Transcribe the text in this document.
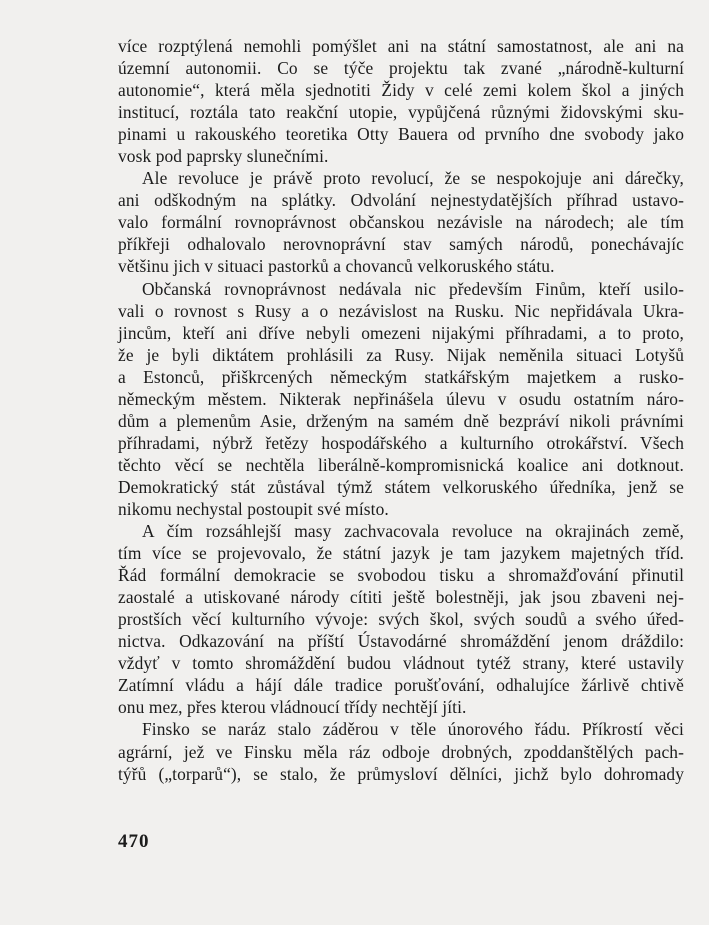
více rozptýlená nemohli pomýšlet ani na státní samostatnost, ale ani na
územní autonomii. Co se týče projektu tak zvané „národně-kulturní
autonomie“, která měla sjednotiti Židy v celé zemi kolem škol a jiných
institucí, roztála tato reakční utopie, vypůjčená různými židovskými sku-
pinami u rakouského teoretika Otty Bauera od prvního dne svobody jako
vosk pod paprsky slunečními.
Ale revoluce je právě proto revolucí, že se nespokojuje ani dárečky,
ani odškodným na splátky. Odvolání nejnestydatějších příhrad ustavo-
valo formální rovnoprávnost občanskou nezávisle na národech; ale tím
příkřeji odhalovalo nerovnoprávní stav samých národů, ponechávajíc
většinu jich v situaci pastorků a chovanců velkoruského státu.
Občanská rovnoprávnost nedávala nic především Finům, kteří usilo-
vali o rovnost s Rusy a o nezávislost na Rusku. Nic nepřidávala Ukra-
jincům, kteří ani dříve nebyli omezeni nijakými příhradami, a to proto,
že je byli diktátem prohlásili za Rusy. Nijak neměnila situaci Lotyšů
a Estonců, přiškrcených německým statkářským majetkem a rusko-
německým městem. Nikterak nepřinášela úlevu v osudu ostatním náro-
dům a plemenům Asie, drženým na samém dně bezpráví nikoli právními
příhradami, nýbrž řetězy hospodářského a kulturního otrokářství. Všech
těchto věcí se nechtěla liberálně-kompromisnická koalice ani dotknout.
Demokratický stát zůstával týmž státem velkoruského úředníka, jenž se
nikomu nechystal postoupit své místo.
A čím rozsáhlejší masy zachvacovala revoluce na okrajinách země,
tím více se projevovalo, že státní jazyk je tam jazykem majetných tříd.
Řád formální demokracie se svobodou tisku a shromažďování přinutil
zaostalé a utiskované národy cítiti ještě bolestněji, jak jsou zbaveni nej-
prostších věcí kulturního vývoje: svých škol, svých soudů a svého úřed-
nictva. Odkazování na příští Ústavodárné shromáždění jenom dráždilo:
vždyť v tomto shromáždění budou vládnout tytéž strany, které ustavily
Zatímní vládu a hájí dále tradice porušťování, odhalujíce žárlivě chtivě
onu mez, přes kterou vládnoucí třídy nechtějí jíti.
Finsko se naráz stalo záděrou v těle únorového řádu. Příkrostí věci
agrární, jež ve Finsku měla ráz odboje drobných, zpoddanštělých pach-
týřů („torparů“), se stalo, že průmysloví dělníci, jichž bylo dohromady
470
